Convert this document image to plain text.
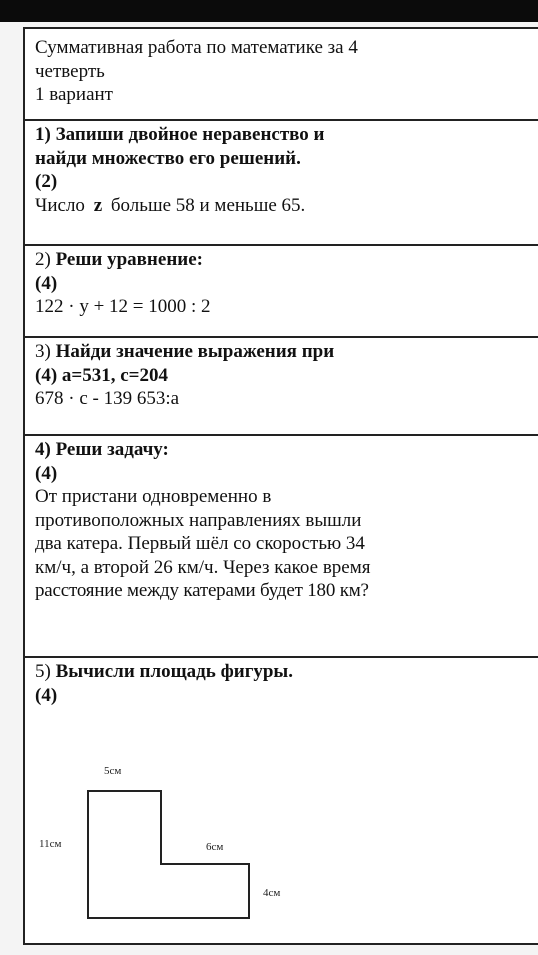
Суммативная работа по математике за 4
четверть
1 вариант
1) Запиши двойное неравенство и
найди множество его решений.
(2)
Число z больше 58 и меньше 65.
2) Реши уравнение:
(4)
122 · y + 12 = 1000 : 2
3) Найди значение выражения при
(4) a=531, c=204
678 · c - 139 653:a
4) Реши задачу:
(4)
От пристани одновременно в
противоположных направлениях вышли
два катера. Первый шёл со скоростью 34
км/ч, а второй 26 км/ч. Через какое время
расстояние между катерами будет 180 км?
5) Вычисли площадь фигуры.
(4)
5см
11см	6см
4см
